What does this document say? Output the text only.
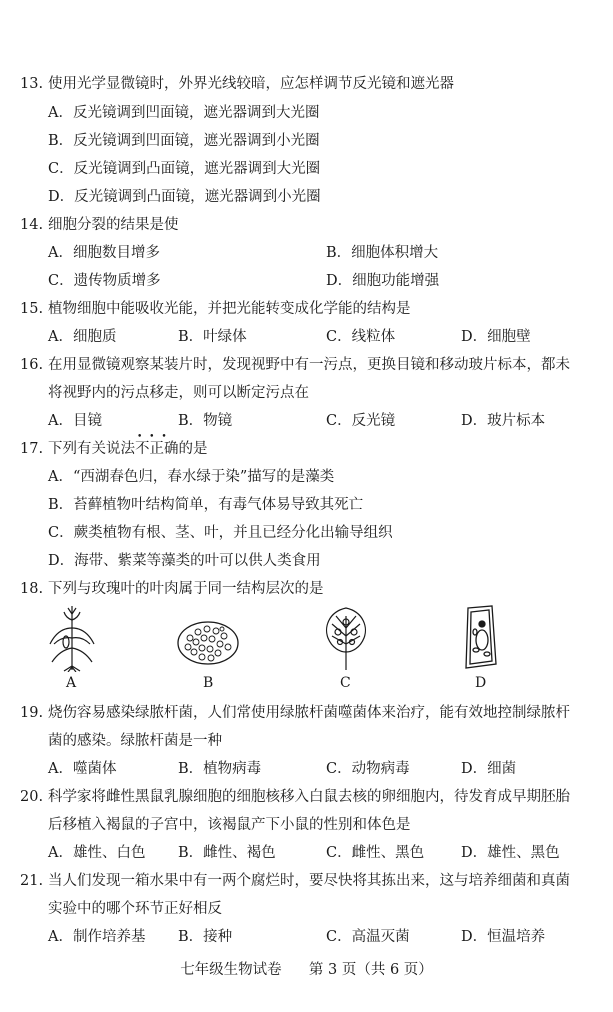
13. 使用光学显微镜时，外界光线较暗，应怎样调节反光镜和遮光器
A．反光镜调到凹面镜，遮光器调到大光圈
B．反光镜调到凹面镜，遮光器调到小光圈
C．反光镜调到凸面镜，遮光器调到大光圈
D．反光镜调到凸面镜，遮光器调到小光圈
14. 细胞分裂的结果是使
A．细胞数目增多	B．细胞体积增大
C．遗传物质增多	D．细胞功能增强
15. 植物细胞中能吸收光能，并把光能转变成化学能的结构是
A．细胞质	B．叶绿体	C．线粒体	D．细胞壁
16. 在用显微镜观察某装片时，发现视野中有一污点，更换目镜和移动玻片标本，都未
将视野内的污点移走，则可以断定污点在
A．目镜	B．物镜	C．反光镜	D．玻片标本
17. 下列有关说法不正确 • • •的是
A．“西湖春色归，春水绿于染”描写的是藻类
B．苔藓植物叶结构简单，有毒气体易导致其死亡
C．蕨类植物有根、茎、叶，并且已经分化出输导组织
D．海带、紫菜等藻类的叶可以供人类食用
18. 下列与玫瑰叶的叶肉属于同一结构层次的是
A	B	C	D
19. 烧伤容易感染绿脓杆菌，人们常使用绿脓杆菌噬菌体来治疗，能有效地控制绿脓杆
菌的感染。绿脓杆菌是一种
A．噬菌体	B．植物病毒	C．动物病毒	D．细菌
20. 科学家将雌性黑鼠乳腺细胞的细胞核移入白鼠去核的卵细胞内，待发育成早期胚胎
后移植入褐鼠的子宫中，该褐鼠产下小鼠的性别和体色是
A．雄性、白色 B．雌性、褐色	C．雌性、黑色	D．雄性、黑色
21. 当人们发现一箱水果中有一两个腐烂时，要尽快将其拣出来，这与培养细菌和真菌
实验中的哪个环节正好相反
A．制作培养基 B．接种	C．高温灭菌	D．恒温培养
七年级生物试卷 第 3 页（共 6 页）
